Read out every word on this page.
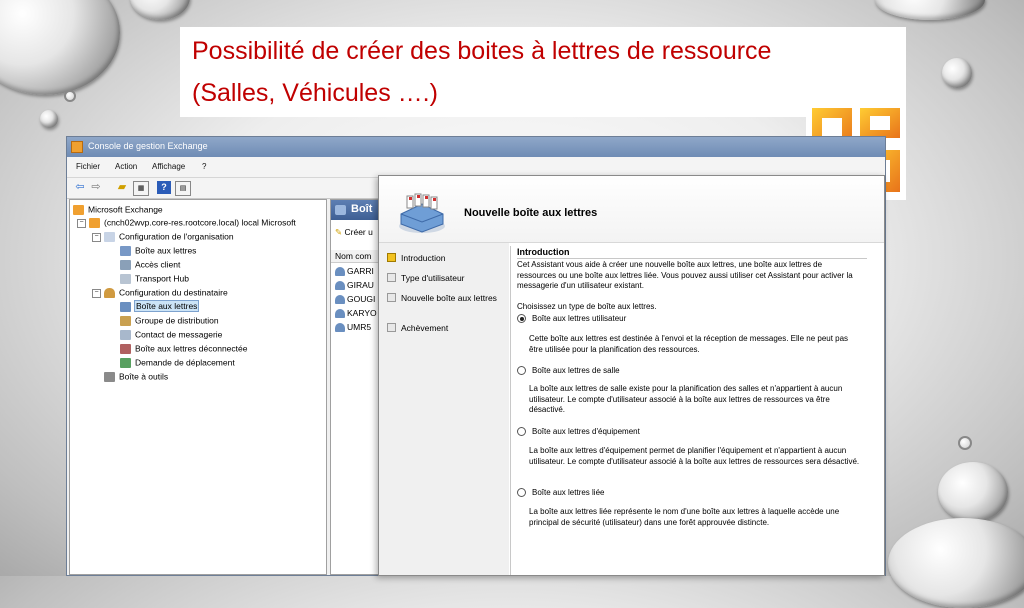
Possibilité de créer des boites à lettres de ressource
(Salles, Véhicules ….)
Console de gestion Exchange
Fichier Action Affichage ?
⇦ ⇨ ▰	▦	?	▤
Microsoft Exchange
−	(cnch02wvp.core-res.rootcore.local) local Microsoft
−	Configuration de l'organisation
Boîte aux lettres
Accès client
Transport Hub
−	Configuration du destinataire
Boîte aux lettres
Groupe de distribution
Contact de messagerie
Boîte aux lettres déconnectée
Demande de déplacement
Boîte à outils
Boît
✎ Créer u
Nom com
GARRI
GIRAU
GOUGI
KARYO
UMR5
Nouvelle boîte aux lettres
Introduction
Type d'utilisateur
Nouvelle boîte aux lettres
Achèvement
Introduction
Cet Assistant vous aide à créer une nouvelle boîte aux lettres, une boîte aux lettres de ressources ou une boîte aux lettres liée. Vous pouvez aussi utiliser cet Assistant pour activer la messagerie d'un utilisateur existant.
Choisissez un type de boîte aux lettres.
Boîte aux lettres utilisateur
Cette boîte aux lettres est destinée à l'envoi et la réception de messages. Elle ne peut pas être utilisée pour la planification des ressources.
Boîte aux lettres de salle
La boîte aux lettres de salle existe pour la planification des salles et n'appartient à aucun utilisateur. Le compte d'utilisateur associé à la boîte aux lettres de ressources va être désactivé.
Boîte aux lettres d'équipement
La boîte aux lettres d'équipement permet de planifier l'équipement et n'appartient à aucun utilisateur. Le compte d'utilisateur associé à la boîte aux lettres de ressources sera désactivé.
Boîte aux lettres liée
La boîte aux lettres liée représente le nom d'une boîte aux lettres à laquelle accède une principal de sécurité (utilisateur) dans une forêt approuvée distincte.
